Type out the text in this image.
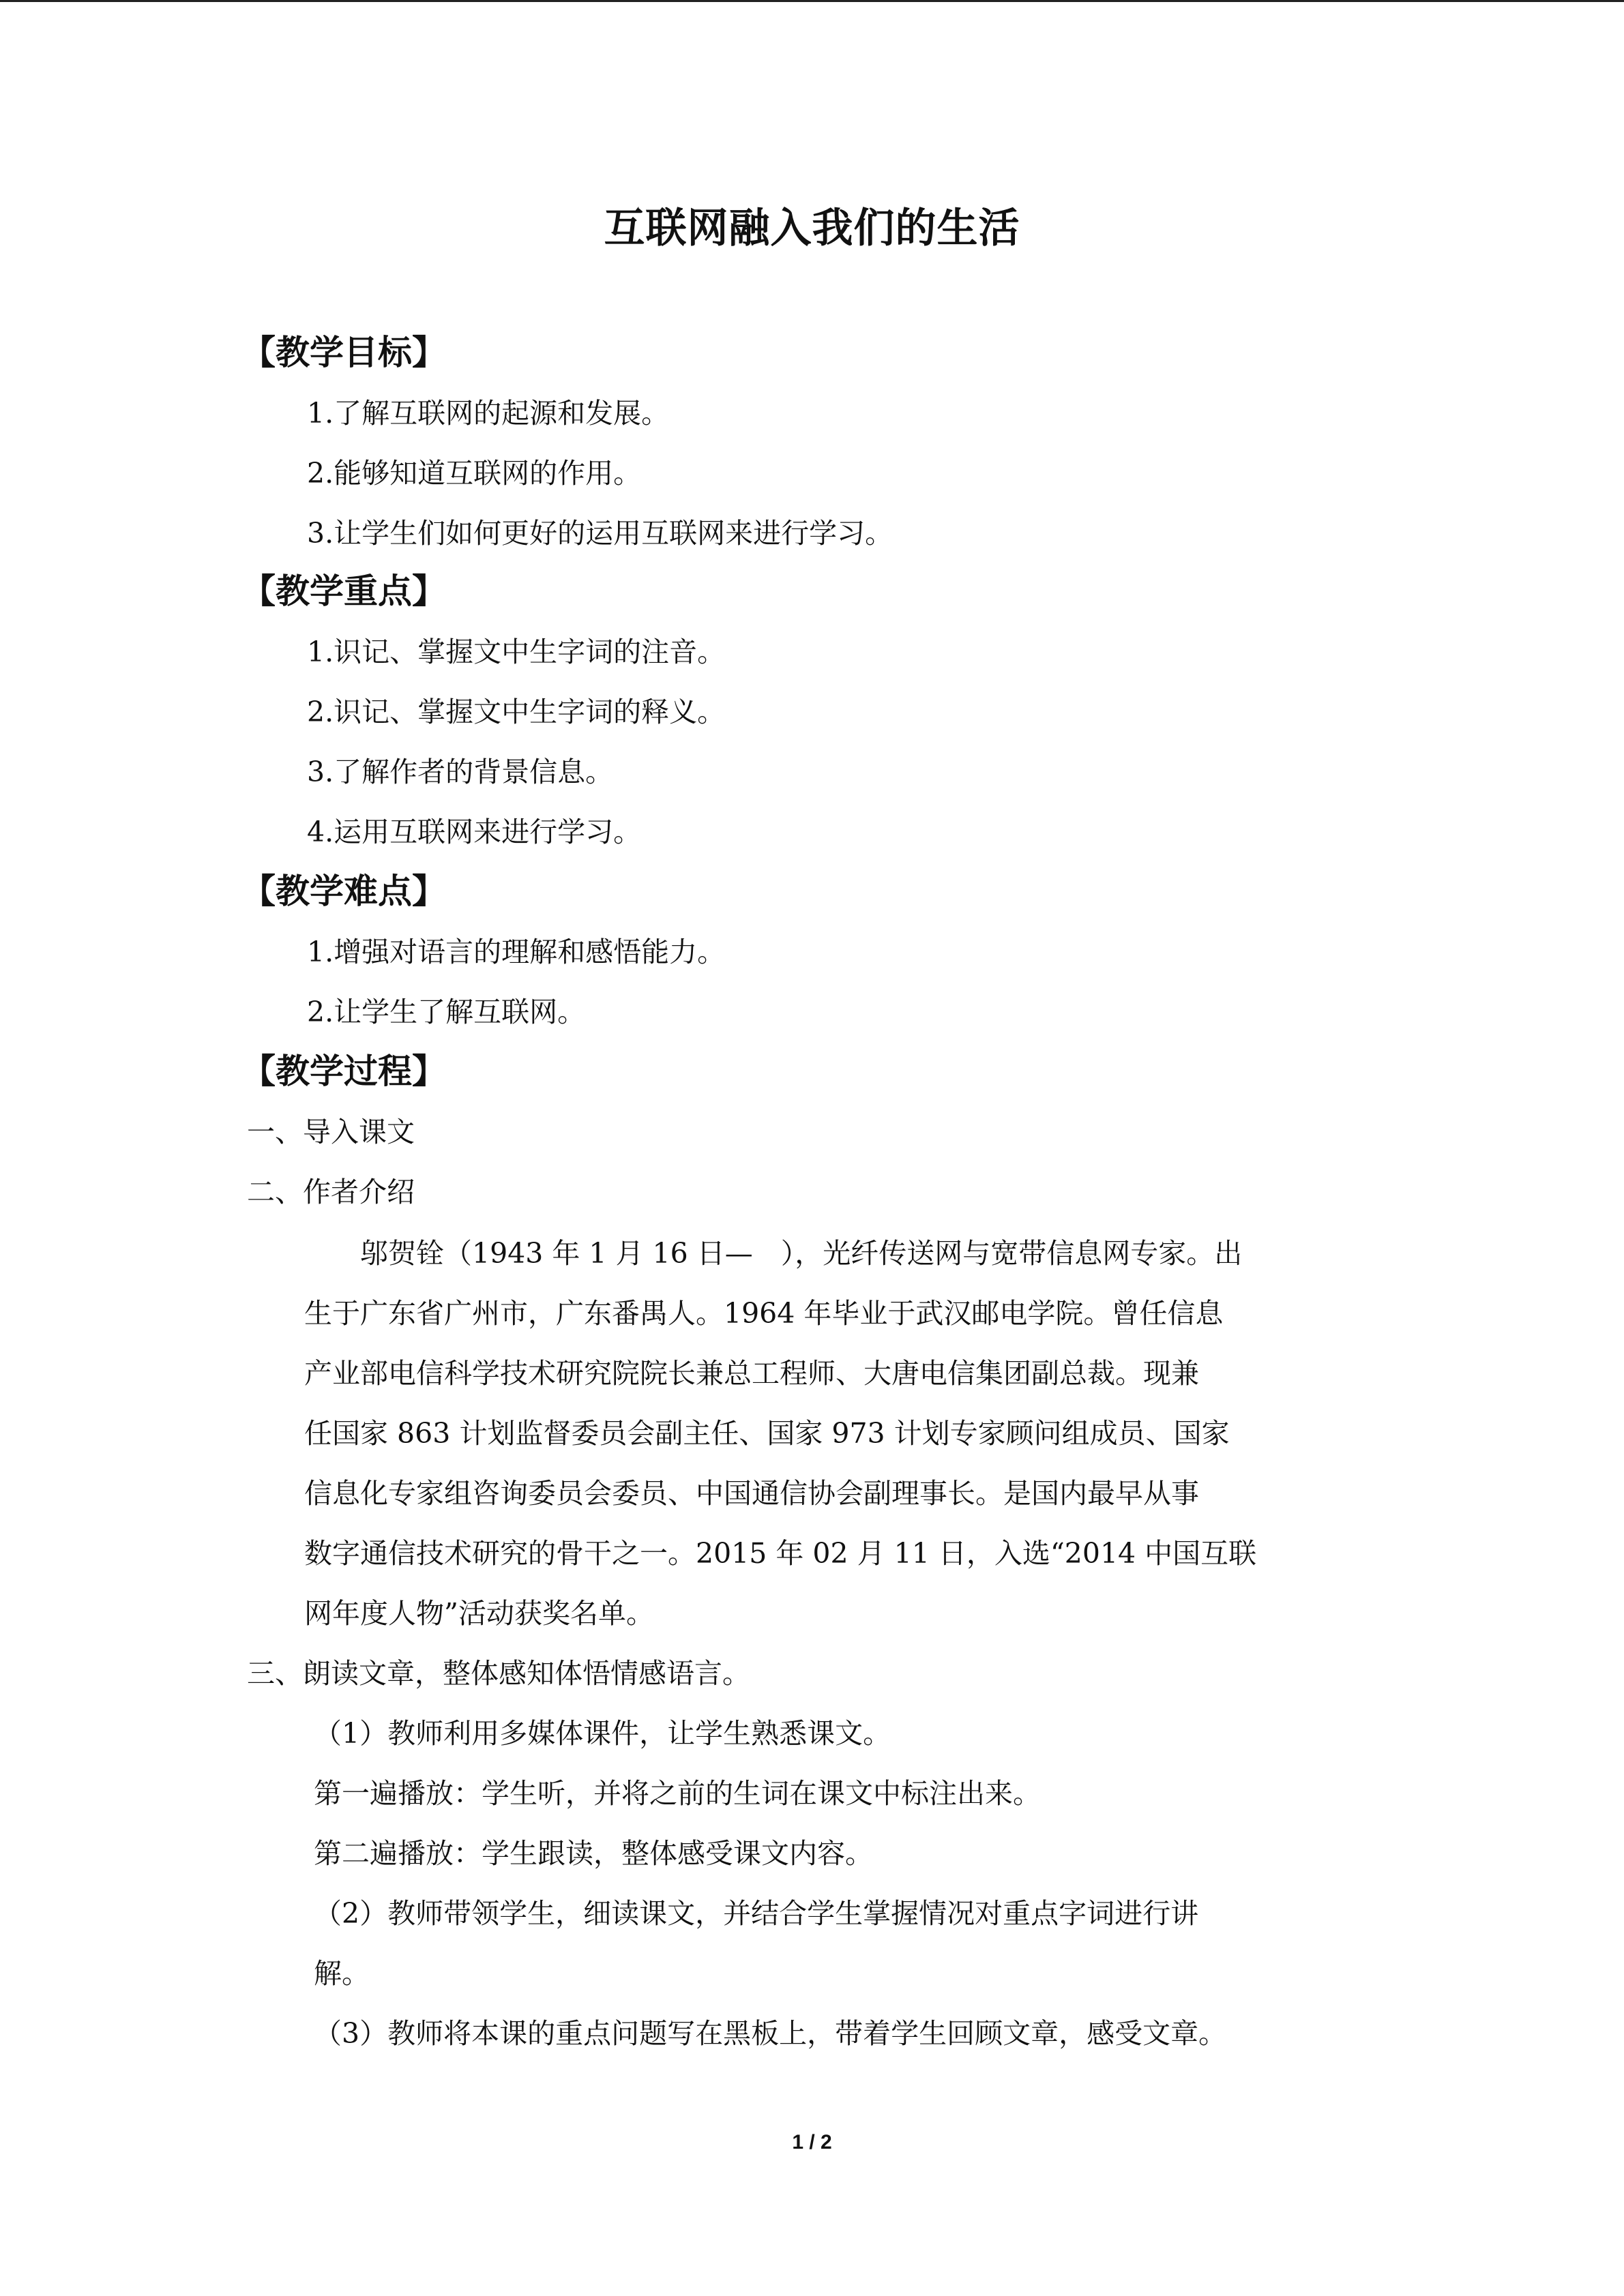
互联网融入我们的生活
【教学目标】
1.了解互联网的起源和发展。
2.能够知道互联网的作用。
3.让学生们如何更好的运用互联网来进行学习。
【教学重点】
1.识记、掌握文中生字词的注音。
2.识记、掌握文中生字词的释义。
3.了解作者的背景信息。
4.运用互联网来进行学习。
【教学难点】
1.增强对语言的理解和感悟能力。
2.让学生了解互联网。
【教学过程】
一、导入课文
二、作者介绍
　　邬贺铨（1943 年 1 月 16 日—　），光纤传送网与宽带信息网专家。出
生于广东省广州市，广东番禺人。1964 年毕业于武汉邮电学院。曾任信息
产业部电信科学技术研究院院长兼总工程师、大唐电信集团副总裁。现兼
任国家 863 计划监督委员会副主任、国家 973 计划专家顾问组成员、国家
信息化专家组咨询委员会委员、中国通信协会副理事长。是国内最早从事
数字通信技术研究的骨干之一。2015 年 02 月 11 日，入选“2014 中国互联
网年度人物”活动获奖名单。
三、朗读文章，整体感知体悟情感语言。
（1）教师利用多媒体课件，让学生熟悉课文。
第一遍播放：学生听，并将之前的生词在课文中标注出来。
第二遍播放：学生跟读，整体感受课文内容。
（2）教师带领学生，细读课文，并结合学生掌握情况对重点字词进行讲
解。
（3）教师将本课的重点问题写在黑板上，带着学生回顾文章，感受文章。
1 / 2
